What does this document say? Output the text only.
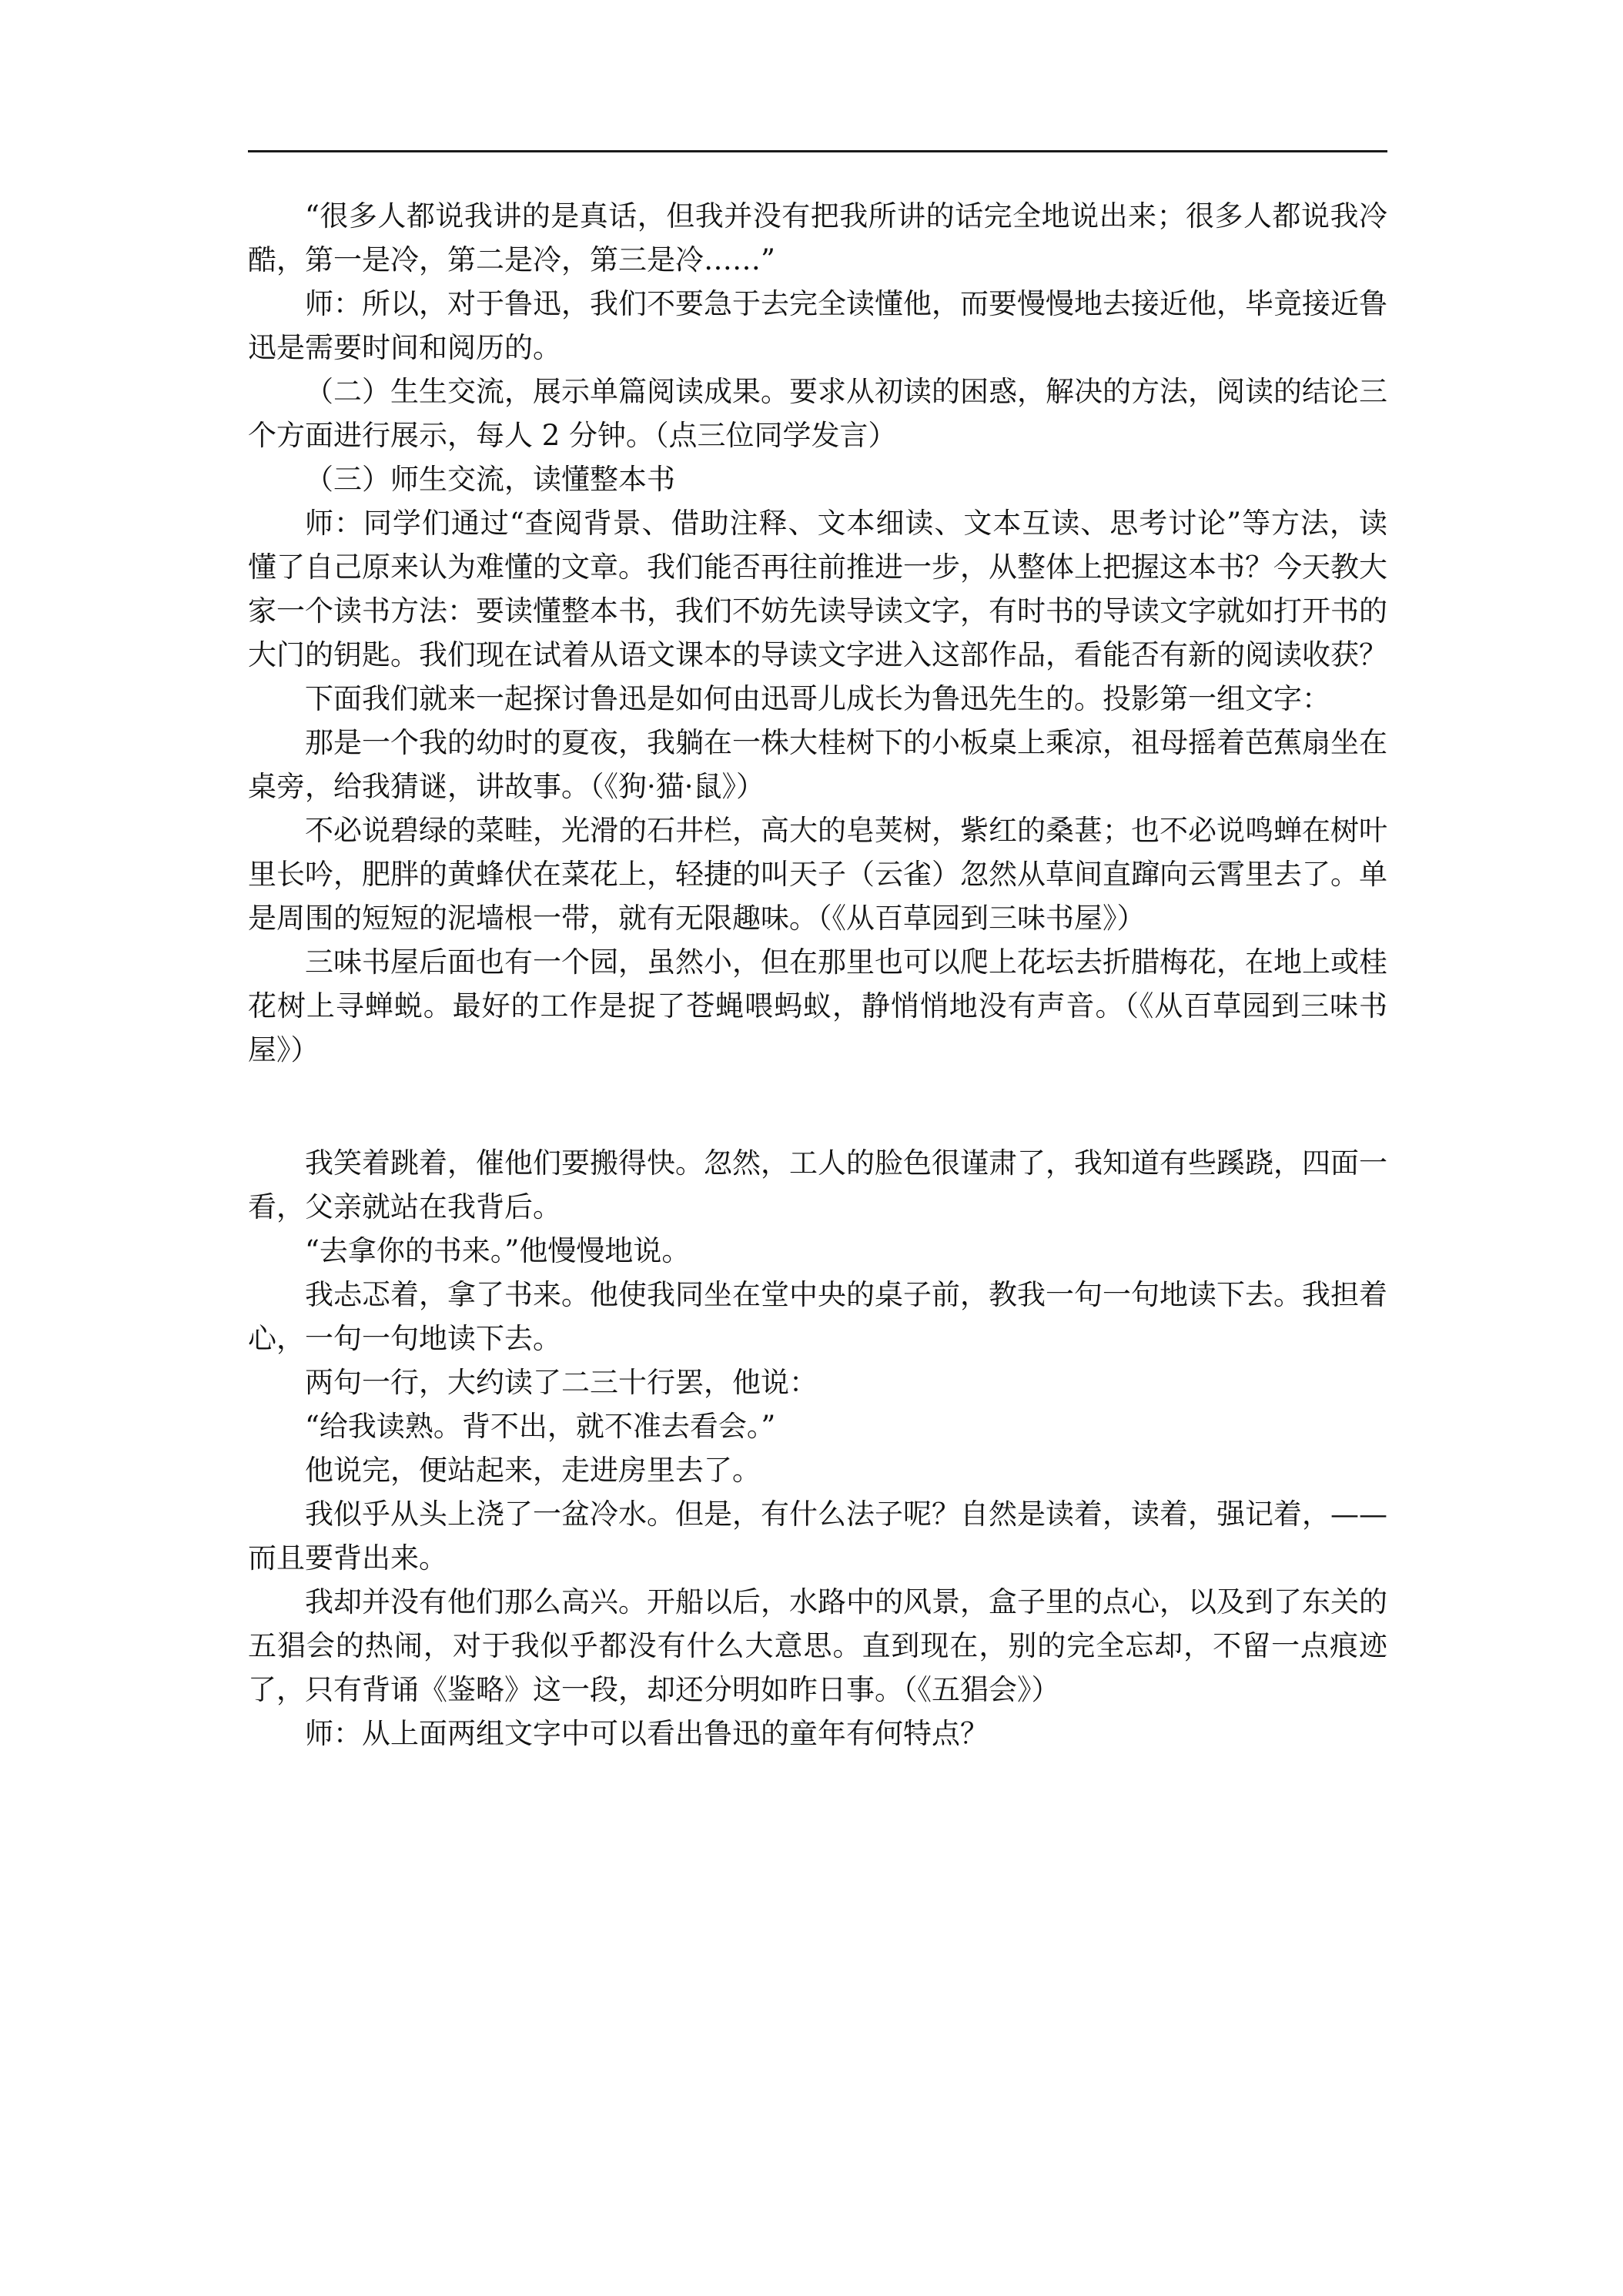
“很多人都说我讲的是真话，但我并没有把我所讲的话完全地说出来；很多人都说我冷酷，第一是冷，第二是冷，第三是冷……”

师：所以，对于鲁迅，我们不要急于去完全读懂他，而要慢慢地去接近他，毕竟接近鲁迅是需要时间和阅历的。

（二）生生交流，展示单篇阅读成果。要求从初读的困惑，解决的方法，阅读的结论三个方面进行展示，每人 2 分钟。（点三位同学发言）

（三）师生交流，读懂整本书

师：同学们通过“查阅背景、借助注释、文本细读、文本互读、思考讨论”等方法，读懂了自己原来认为难懂的文章。我们能否再往前推进一步，从整体上把握这本书？今天教大家一个读书方法：要读懂整本书，我们不妨先读导读文字，有时书的导读文字就如打开书的大门的钥匙。我们现在试着从语文课本的导读文字进入这部作品，看能否有新的阅读收获？

下面我们就来一起探讨鲁迅是如何由迅哥儿成长为鲁迅先生的。投影第一组文字：

那是一个我的幼时的夏夜，我躺在一株大桂树下的小板桌上乘凉，祖母摇着芭蕉扇坐在桌旁，给我猜谜，讲故事。（《狗·猫·鼠》）

不必说碧绿的菜畦，光滑的石井栏，高大的皂荚树，紫红的桑葚；也不必说鸣蝉在树叶里长吟，肥胖的黄蜂伏在菜花上，轻捷的叫天子（云雀）忽然从草间直蹿向云霄里去了。单是周围的短短的泥墙根一带，就有无限趣味。（《从百草园到三味书屋》）

三味书屋后面也有一个园，虽然小，但在那里也可以爬上花坛去折腊梅花，在地上或桂花树上寻蝉蜕。最好的工作是捉了苍蝇喂蚂蚁，静悄悄地没有声音。（《从百草园到三味书屋》）

我笑着跳着，催他们要搬得快。忽然，工人的脸色很谨肃了，我知道有些蹊跷，四面一看，父亲就站在我背后。

“去拿你的书来。”他慢慢地说。

我忐忑着，拿了书来。他使我同坐在堂中央的桌子前，教我一句一句地读下去。我担着心，一句一句地读下去。

两句一行，大约读了二三十行罢，他说：

“给我读熟。背不出，就不准去看会。”

他说完，便站起来，走进房里去了。

我似乎从头上浇了一盆冷水。但是，有什么法子呢？自然是读着，读着，强记着，——而且要背出来。

我却并没有他们那么高兴。开船以后，水路中的风景，盒子里的点心，以及到了东关的五猖会的热闹，对于我似乎都没有什么大意思。直到现在，别的完全忘却，不留一点痕迹了，只有背诵《鉴略》这一段，却还分明如昨日事。（《五猖会》）

师：从上面两组文字中可以看出鲁迅的童年有何特点？
